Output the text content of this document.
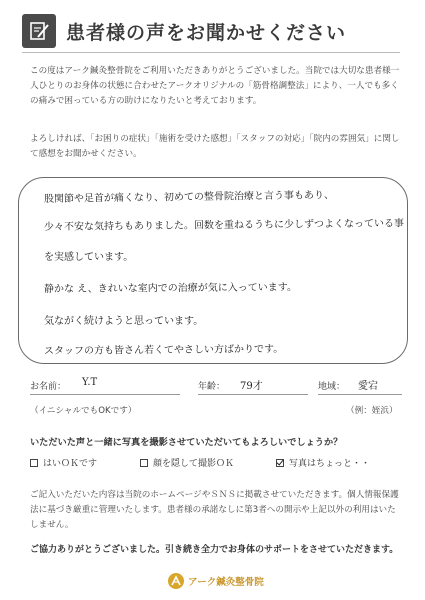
患者様の声をお聞かせください

この度はアーク鍼灸整骨院をご利用いただきありがとうございました。当院では大切な患者様一人ひとりのお身体の状態に合わせたアークオリジナルの「筋骨格調整法」により、一人でも多くの痛みで困っている方の助けになりたいと考えております。

よろしければ、「お困りの症状」「施術を受けた感想」「スタッフの対応」「院内の雰囲気」に関して感想をお聞かせください。

股関節や足首が痛くなり、初めての整骨院治療と言う事もあり、
少々不安な気持ちもありました。回数を重ねるうちに少しずつよくなっている事
を実感しています。
静かな え、きれいな室内での治療が気に入っています。
気ながく続けようと思っています。
スタッフの方も皆さん若くてやさしい方ばかりです。
お名前： Y.T	年齢： 79才	地域： 愛宕
（イニシャルでもOKです）	（例：姪浜）
いただいた声と一緒に写真を撮影させていただいてもよろしいでしょうか？
はいＯＫです	顔を隠して撮影ＯＫ	写真はちょっと・・

ご記入いただいた内容は当院のホームページやＳＮＳに掲載させていただきます。個人情報保護法に基づき厳重に管理いたします。患者様の承諾なしに第3者への開示や上記以外の利用はいたしません。

ご協力ありがとうございました。引き続き全力でお身体のサポートをさせていただきます。

アーク鍼灸整骨院
